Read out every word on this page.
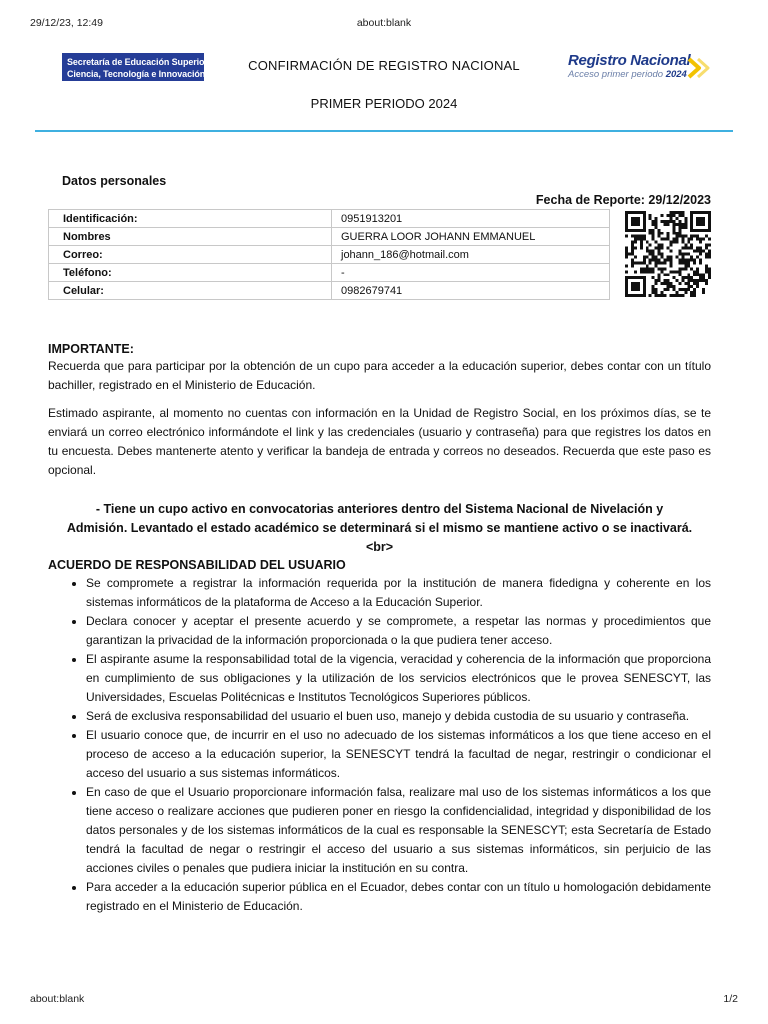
29/12/23, 12:49	about:blank
Secretaría de Educación Superior,
Ciencia, Tecnología e Innovación
CONFIRMACIÓN DE REGISTRO NACIONAL
PRIMER PERIODO 2024
Registro Nacional
Acceso primer periodo 2024
Datos personales
Fecha de Reporte: 29/12/2023
Identificación:	0951913201
Nombres	GUERRA LOOR JOHANN EMMANUEL
Correo:	johann_186@hotmail.com
Teléfono:	-
Celular:	0982679741
IMPORTANTE:

Recuerda que para participar por la obtención de un cupo para acceder a la educación superior, debes contar con un título bachiller, registrado en el Ministerio de Educación.

Estimado aspirante, al momento no cuentas con información en la Unidad de Registro Social, en los próximos días, se te enviará un correo electrónico informándote el link y las credenciales (usuario y contraseña) para que registres los datos en tu encuesta. Debes mantenerte atento y verificar la bandeja de entrada y correos no deseados. Recuerda que este paso es opcional.

- Tiene un cupo activo en convocatorias anteriores dentro del Sistema Nacional de Nivelación y
Admisión. Levantado el estado académico se determinará si el mismo se mantiene activo o se inactivará.
<br>
ACUERDO DE RESPONSABILIDAD DEL USUARIO
• Se compromete a registrar la información requerida por la institución de manera fidedigna y coherente en los sistemas informáticos de la plataforma de Acceso a la Educación Superior.
• Declara conocer y aceptar el presente acuerdo y se compromete, a respetar las normas y procedimientos que garantizan la privacidad de la información proporcionada o la que pudiera tener acceso.
• El aspirante asume la responsabilidad total de la vigencia, veracidad y coherencia de la información que proporciona en cumplimiento de sus obligaciones y la utilización de los servicios electrónicos que le provea SENESCYT, las Universidades, Escuelas Politécnicas e Institutos Tecnológicos Superiores públicos.
• Será de exclusiva responsabilidad del usuario el buen uso, manejo y debida custodia de su usuario y contraseña.
• El usuario conoce que, de incurrir en el uso no adecuado de los sistemas informáticos a los que tiene acceso en el proceso de acceso a la educación superior, la SENESCYT tendrá la facultad de negar, restringir o condicionar el acceso del usuario a sus sistemas informáticos.
• En caso de que el Usuario proporcionare información falsa, realizare mal uso de los sistemas informáticos a los que tiene acceso o realizare acciones que pudieren poner en riesgo la confidencialidad, integridad y disponibilidad de los datos personales y de los sistemas informáticos de la cual es responsable la SENESCYT; esta Secretaría de Estado tendrá la facultad de negar o restringir el acceso del usuario a sus sistemas informáticos, sin perjuicio de las acciones civiles o penales que pudiera iniciar la institución en su contra.
• Para acceder a la educación superior pública en el Ecuador, debes contar con un título u homologación debidamente registrado en el Ministerio de Educación.
about:blank	1/2
